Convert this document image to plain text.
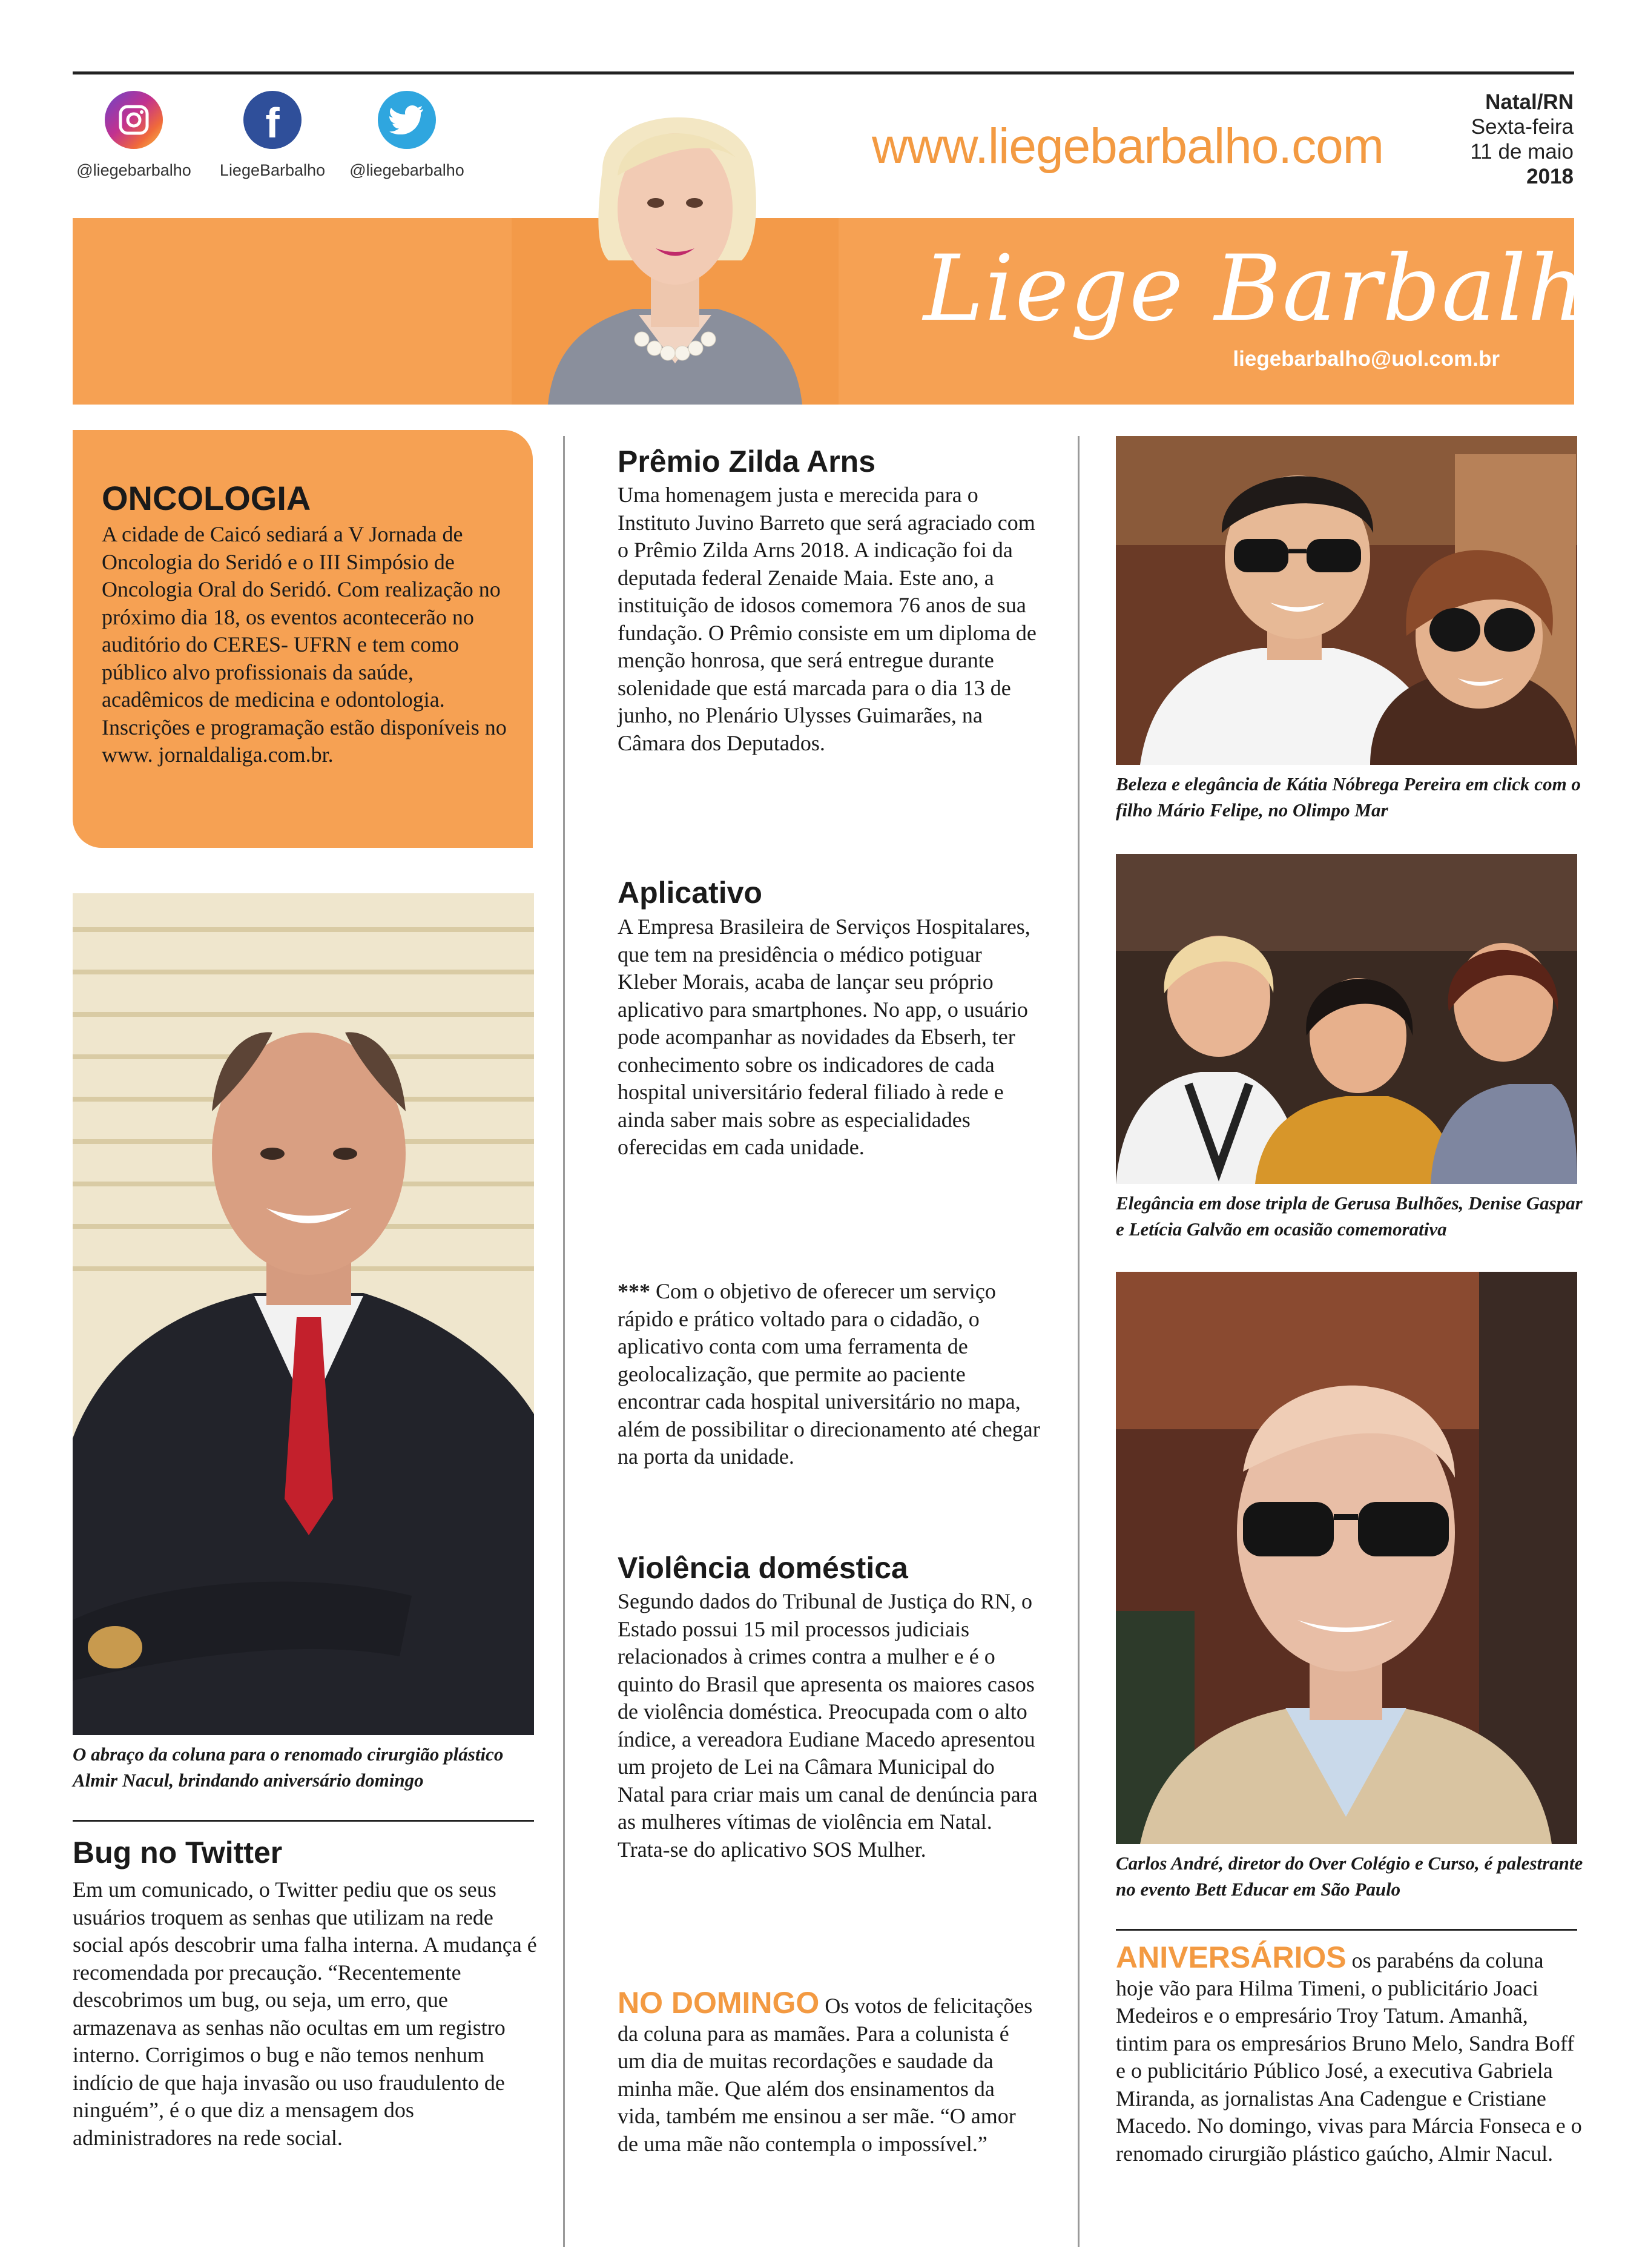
@liegebarbalho
f
LiegeBarbalho	@liegebarbalho	www.liegebarbalho.com
Natal/RN
Sexta-feira
11 de maio
2018
Liege Barbalho
liegebarbalho@uol.com.br
ONCOLOGIA

A cidade de Caicó sediará a V Jornada de Oncologia do Seridó e o III Simpósio de Oncologia Oral do Seridó. Com realização no próximo dia 18, os eventos acontecerão no auditório do CERES- UFRN e tem como público alvo profissionais da saúde, acadêmicos de medicina e odontologia. Inscrições e programação estão disponíveis no www. jornaldaliga.com.br.

O abraço da coluna para o renomado cirurgião plástico Almir Nacul, brindando aniversário domingo
Bug no Twitter

Em um comunicado, o Twitter pediu que os seus usuários troquem as senhas que utilizam na rede social após descobrir uma falha interna. A mudança é recomendada por precaução. “Recentemente descobrimos um bug, ou seja, um erro, que armazenava as senhas não ocultas em um registro interno. Corrigimos o bug e não temos nenhum indício de que haja invasão ou uso fraudulento de ninguém”, é o que diz a mensagem dos administradores na rede social.

Prêmio Zilda Arns

Uma homenagem justa e merecida para o Instituto Juvino Barreto que será agraciado com o Prêmio Zilda Arns 2018. A indicação foi da deputada federal Zenaide Maia. Este ano, a instituição de idosos comemora 76 anos de sua fundação. O Prêmio consiste em um diploma de menção honrosa, que será entregue durante solenidade que está marcada para o dia 13 de junho, no Plenário Ulysses Guimarães, na Câmara dos Deputados.

Aplicativo

A Empresa Brasileira de Serviços Hospitalares, que tem na presidência o médico potiguar Kleber Morais, acaba de lançar seu próprio aplicativo para smartphones. No app, o usuário pode acompanhar as novidades da Ebserh, ter conhecimento sobre os indicadores de cada hospital universitário federal filiado à rede e ainda saber mais sobre as especialidades oferecidas em cada unidade.

*** Com o objetivo de oferecer um serviço rápido e prático voltado para o cidadão, o aplicativo conta com uma ferramenta de geolocalização, que permite ao paciente encontrar cada hospital universitário no mapa, além de possibilitar o direcionamento até chegar na porta da unidade.

Violência doméstica

Segundo dados do Tribunal de Justiça do RN, o Estado possui 15 mil processos judiciais relacionados à crimes contra a mulher e é o quinto do Brasil que apresenta os maiores casos de violência doméstica. Preocupada com o alto índice, a vereadora Eudiane Macedo apresentou um projeto de Lei na Câmara Municipal do Natal para criar mais um canal de denúncia para as mulheres vítimas de violência em Natal. Trata-se do aplicativo SOS Mulher.

NO DOMINGO Os votos de felicitações da coluna para as mamães. Para a colunista é um dia de muitas recordações e saudade da minha mãe. Que além dos ensinamentos da vida, também me ensinou a ser mãe. “O amor de uma mãe não contempla o impossível.”

Beleza e elegância de Kátia Nóbrega Pereira em click com o filho Mário Felipe, no Olimpo Mar
Elegância em dose tripla de Gerusa Bulhões, Denise Gaspar e Letícia Galvão em ocasião comemorativa
Carlos André, diretor do Over Colégio e Curso, é palestrante no evento Bett Educar em São Paulo

ANIVERSÁRIOS os parabéns da coluna hoje vão para Hilma Timeni, o publicitário Joaci Medeiros e o empresário Troy Tatum. Amanhã, tintim para os empresários Bruno Melo, Sandra Boff e o publicitário Público José, a executiva Gabriela Miranda, as jornalistas Ana Cadengue e Cristiane Macedo. No domingo, vivas para Márcia Fonseca e o renomado cirurgião plástico gaúcho, Almir Nacul.
